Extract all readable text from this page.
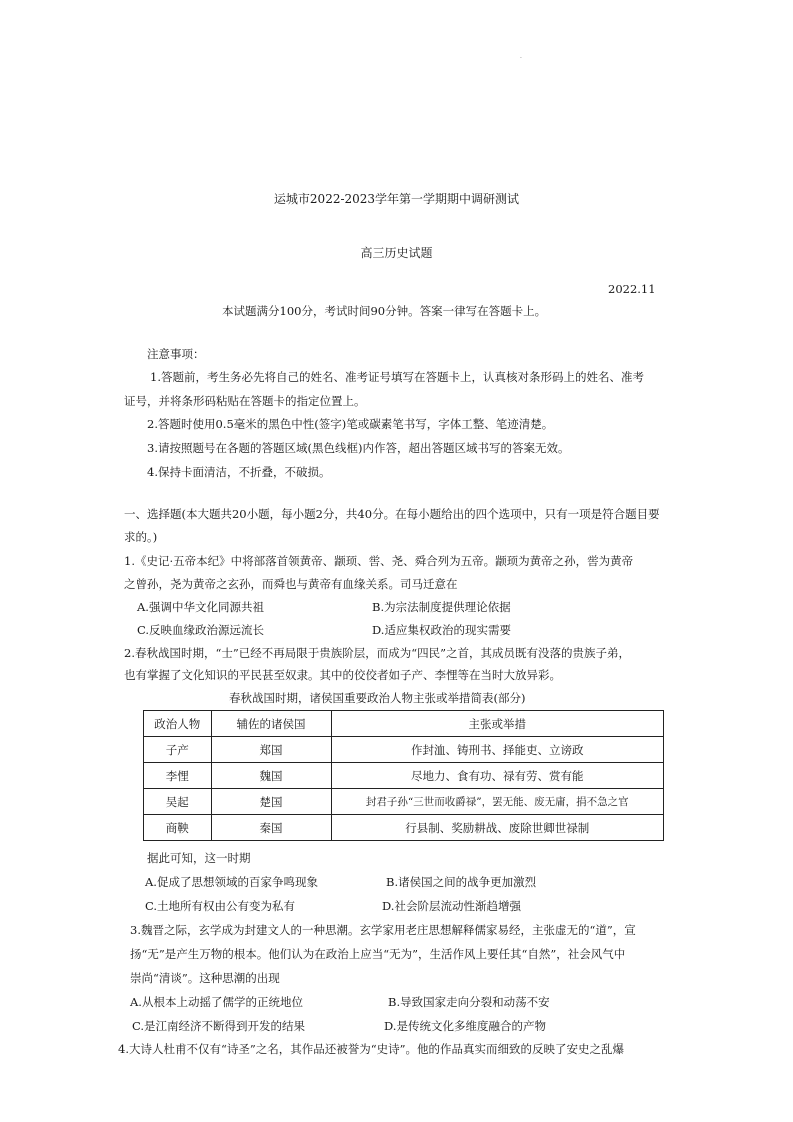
·
运城市2022-2023学年第一学期期中调研测试
高三历史试题
2022.11
本试题满分100分，考试时间90分钟。答案一律写在答题卡上。
注意事项：
1.答题前，考生务必先将自己的姓名、准考证号填写在答题卡上，认真核对条形码上的姓名、准考
证号，并将条形码粘贴在答题卡的指定位置上。
2.答题时使用0.5毫米的黑色中性(签字)笔或碳素笔书写，字体工整、笔迹清楚。
3.请按照题号在各题的答题区域(黑色线框)内作答，超出答题区域书写的答案无效。
4.保持卡面清洁，不折叠，不破损。
一、选择题(本大题共20小题，每小题2分，共40分。在每小题给出的四个选项中，只有一项是符合题目要
求的。)
1.《史记·五帝本纪》中将部落首领黄帝、颛顼、喾、尧、舜合列为五帝。颛顼为黄帝之孙，喾为黄帝
之曾孙，尧为黄帝之玄孙，而舜也与黄帝有血缘关系。司马迁意在
A.强调中华文化同源共祖	B.为宗法制度提供理论依据
C.反映血缘政治源远流长	D.适应集权政治的现实需要
2.春秋战国时期，“士”已经不再局限于贵族阶层，而成为“四民”之首，其成员既有没落的贵族子弟，
也有掌握了文化知识的平民甚至奴隶。其中的佼佼者如子产、李悝等在当时大放异彩。
春秋战国时期，诸侯国重要政治人物主张或举措简表(部分)
政治人物	辅佐的诸侯国	主张或举措
子产	郑国	作封洫、铸刑书、择能吏、立谤政
李悝	魏国	尽地力、食有功、禄有劳、赏有能
吴起	楚国	封君子孙“三世而收爵禄”，罢无能、废无庸，捐不急之官
商鞅	秦国	行县制、奖励耕战、废除世卿世禄制
据此可知，这一时期
A.促成了思想领域的百家争鸣现象	B.诸侯国之间的战争更加激烈
C.土地所有权由公有变为私有	D.社会阶层流动性渐趋增强
3.魏晋之际，玄学成为封建文人的一种思潮。玄学家用老庄思想解释儒家易经，主张虚无的“道”，宣
扬“无”是产生万物的根本。他们认为在政治上应当“无为”，生活作风上要任其“自然”，社会风气中
崇尚“清谈”。这种思潮的出现
A.从根本上动摇了儒学的正统地位	B.导致国家走向分裂和动荡不安
C.是江南经济不断得到开发的结果	D.是传统文化多维度融合的产物
4.大诗人杜甫不仅有“诗圣”之名，其作品还被誉为“史诗”。他的作品真实而细致的反映了安史之乱爆
